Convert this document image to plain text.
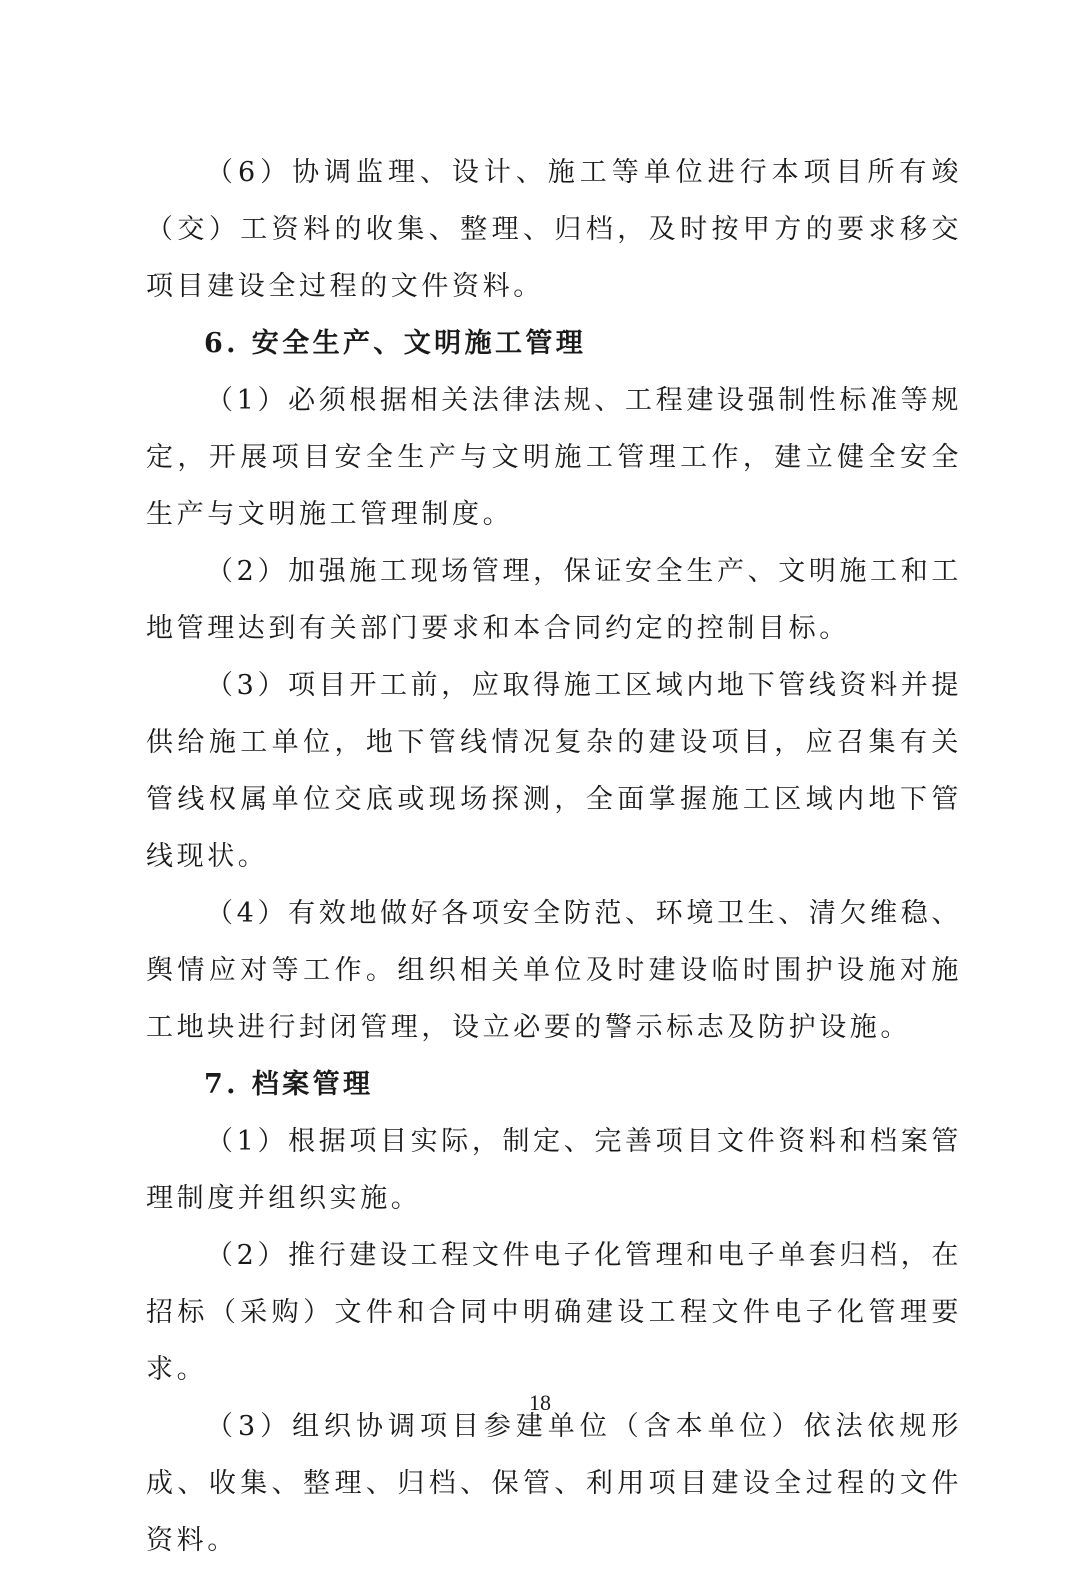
（6）协调监理、设计、施工等单位进行本项目所有竣（交）工资料的收集、整理、归档，及时按甲方的要求移交项目建设全过程的文件资料。

6. 安全生产、文明施工管理

（1）必须根据相关法律法规、工程建设强制性标准等规定，开展项目安全生产与文明施工管理工作，建立健全安全生产与文明施工管理制度。

（2）加强施工现场管理，保证安全生产、文明施工和工地管理达到有关部门要求和本合同约定的控制目标。

（3）项目开工前，应取得施工区域内地下管线资料并提供给施工单位，地下管线情况复杂的建设项目，应召集有关管线权属单位交底或现场探测，全面掌握施工区域内地下管线现状。

（4）有效地做好各项安全防范、环境卫生、清欠维稳、舆情应对等工作。组织相关单位及时建设临时围护设施对施工地块进行封闭管理，设立必要的警示标志及防护设施。

7. 档案管理

（1）根据项目实际，制定、完善项目文件资料和档案管理制度并组织实施。

（2）推行建设工程文件电子化管理和电子单套归档，在招标（采购）文件和合同中明确建设工程文件电子化管理要求。

（3）组织协调项目参建单位（含本单位）依法依规形成、收集、整理、归档、保管、利用项目建设全过程的文件资料。

18
